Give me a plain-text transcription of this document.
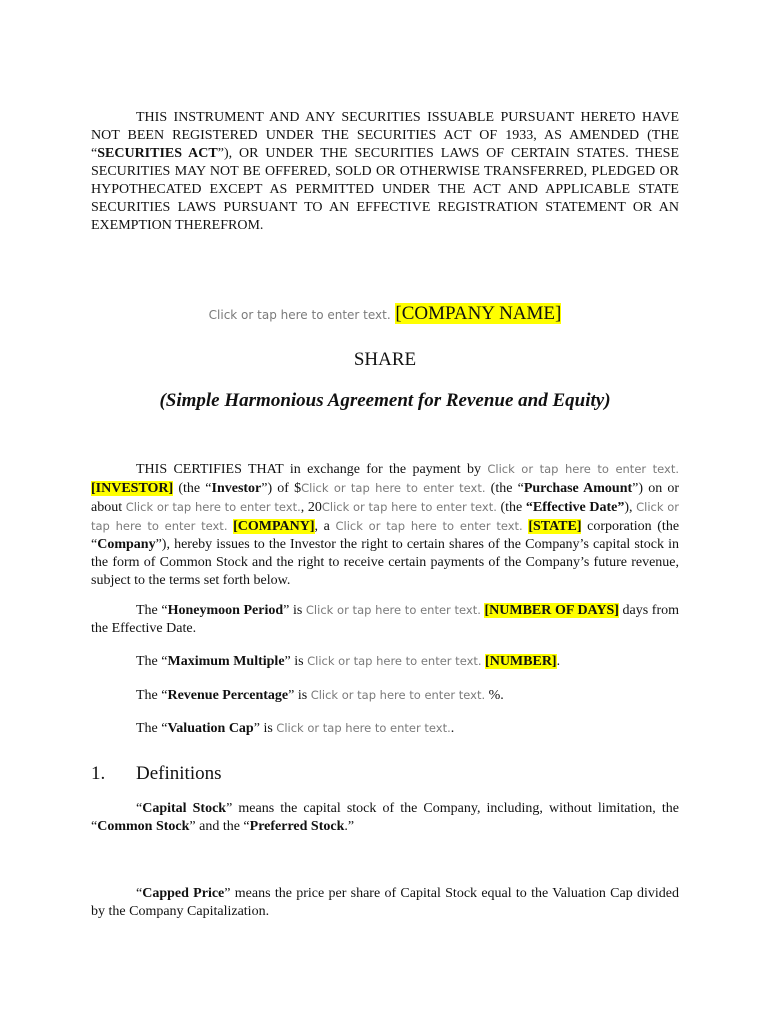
THIS INSTRUMENT AND ANY SECURITIES ISSUABLE PURSUANT HERETO HAVE NOT BEEN REGISTERED UNDER THE SECURITIES ACT OF 1933, AS AMENDED (THE “SECURITIES ACT”), OR UNDER THE SECURITIES LAWS OF CERTAIN STATES. THESE SECURITIES MAY NOT BE OFFERED, SOLD OR OTHERWISE TRANSFERRED, PLEDGED OR HYPOTHECATED EXCEPT AS PERMITTED UNDER THE ACT AND APPLICABLE STATE SECURITIES LAWS PURSUANT TO AN EFFECTIVE REGISTRATION STATEMENT OR AN EXEMPTION THEREFROM.
Click or tap here to enter text. [COMPANY NAME]
SHARE
(Simple Harmonious Agreement for Revenue and Equity)
THIS CERTIFIES THAT in exchange for the payment by Click or tap here to enter text. [INVESTOR] (the “Investor”) of $Click or tap here to enter text. (the “Purchase Amount”) on or about Click or tap here to enter text., 20Click or tap here to enter text. (the “Effective Date”), Click or tap here to enter text. [COMPANY], a Click or tap here to enter text. [STATE] corporation (the “Company”), hereby issues to the Investor the right to certain shares of the Company’s capital stock in the form of Common Stock and the right to receive certain payments of the Company’s future revenue, subject to the terms set forth below.
The “Honeymoon Period” is Click or tap here to enter text. [NUMBER OF DAYS] days from the Effective Date.
The “Maximum Multiple” is Click or tap here to enter text. [NUMBER].
The “Revenue Percentage” is Click or tap here to enter text. %.
The “Valuation Cap” is Click or tap here to enter text..
1. Definitions
“Capital Stock” means the capital stock of the Company, including, without limitation, the “Common Stock” and the “Preferred Stock.”
“Capped Price” means the price per share of Capital Stock equal to the Valuation Cap divided by the Company Capitalization.
